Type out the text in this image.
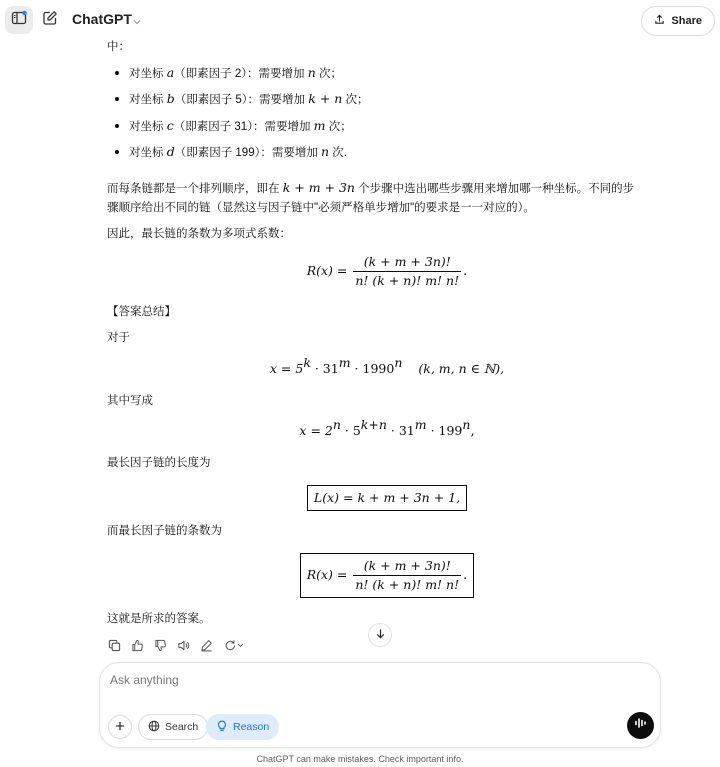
ChatGPT	Share
中：
对坐标 a（即素因子 2）：需要增加 n 次；
对坐标 b（即素因子 5）：需要增加 k + n 次；
对坐标 c（即素因子 31）：需要增加 m 次；
对坐标 d（即素因子 199）：需要增加 n 次.
而每条链都是一个排列顺序，即在 k + m + 3n 个步骤中选出哪些步骤用来增加哪一种坐标。不同的步
骤顺序给出不同的链（显然这与因子链中"必须严格单步增加"的要求是一一对应的）。
因此，最长链的条数为多项式系数：
$R(x) = \frac{(k + m + 3n)!}{n! (k + n)! m! n!}$ .
【答案总结】
对于
$x = 5^k \cdot 31^m \cdot 1990^n$ (k, m, n ∈ ℕ),
其中写成
$x = 2^n \cdot 5^{k+n} \cdot 31^m \cdot 199^n$,
最长因子链的长度为
L(x) = k + m + 3n + 1,
而最长因子链的条数为
$R(x) = \frac{(k + m + 3n)!}{n! (k + n)! m! n!}$ .
这就是所求的答案。
Ask anything
Search	Reason
ChatGPT can make mistakes. Check important info.
